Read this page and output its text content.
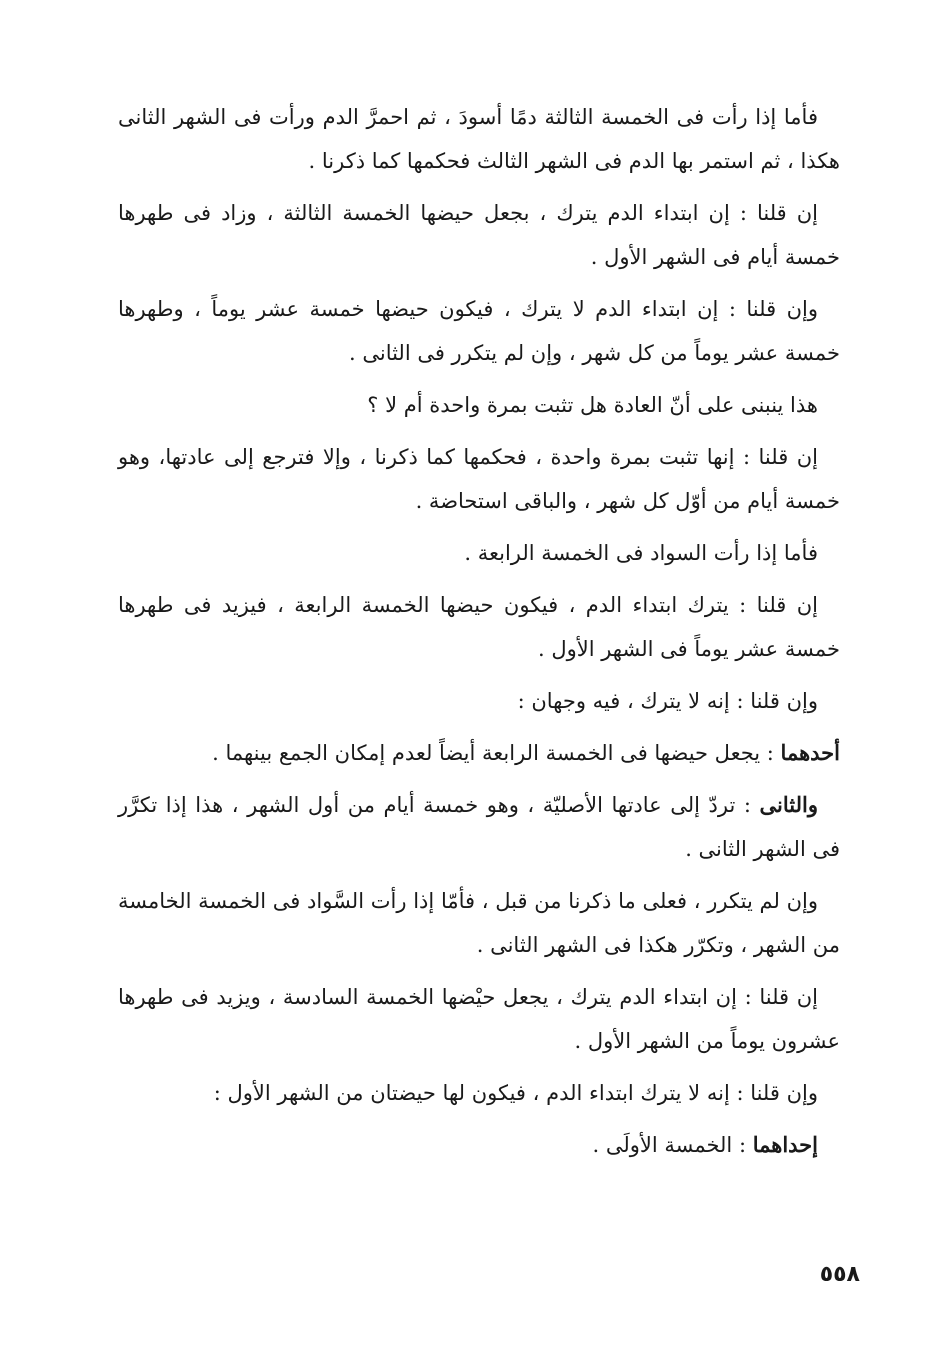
فأما إذا رأت فى الخمسة الثالثة دمًا أسودَ ، ثم احمرَّ الدم ورأت فى الشهر الثانى هكذا ، ثم استمر بها الدم فى الشهر الثالث فحكمها كما ذكرنا .

إن قلنا : إن ابتداء الدم يترك ، بجعل حيضها الخمسة الثالثة ، وزاد فى طهرها خمسة أيام فى الشهر الأول .

وإن قلنا : إن ابتداء الدم لا يترك ، فيكون حيضها خمسة عشر يوماً ، وطهرها خمسة عشر يوماً من كل شهر ، وإن لم يتكرر فى الثانى .

هذا ينبنى على أنّ العادة هل تثبت بمرة واحدة أم لا ؟

إن قلنا : إنها تثبت بمرة واحدة ، فحكمها كما ذكرنا ، وإلا فترجع إلى عادتها، وهو خمسة أيام من أوّل كل شهر ، والباقى استحاضة .

فأما إذا رأت السواد فى الخمسة الرابعة .

إن قلنا : يترك ابتداء الدم ، فيكون حيضها الخمسة الرابعة ، فيزيد فى طهرها خمسة عشر يوماً فى الشهر الأول .

وإن قلنا : إنه لا يترك ، فيه وجهان :

أحدهما : يجعل حيضها فى الخمسة الرابعة أيضاً لعدم إمكان الجمع بينهما .

والثانى : تردّ إلى عادتها الأصليّة ، وهو خمسة أيام من أول الشهر ، هذا إذا تكرَّر فى الشهر الثانى .

وإن لم يتكرر ، فعلى ما ذكرنا من قبل ، فأمّا إذا رأت السَّواد فى الخمسة الخامسة من الشهر ، وتكرّر هكذا فى الشهر الثانى .

إن قلنا : إن ابتداء الدم يترك ، يجعل حيْضها الخمسة السادسة ، ويزيد فى طهرها عشرون يوماً من الشهر الأول .

وإن قلنا : إنه لا يترك ابتداء الدم ، فيكون لها حيضتان من الشهر الأول :

إحداهما : الخمسة الأولَى .

٥٥٨
